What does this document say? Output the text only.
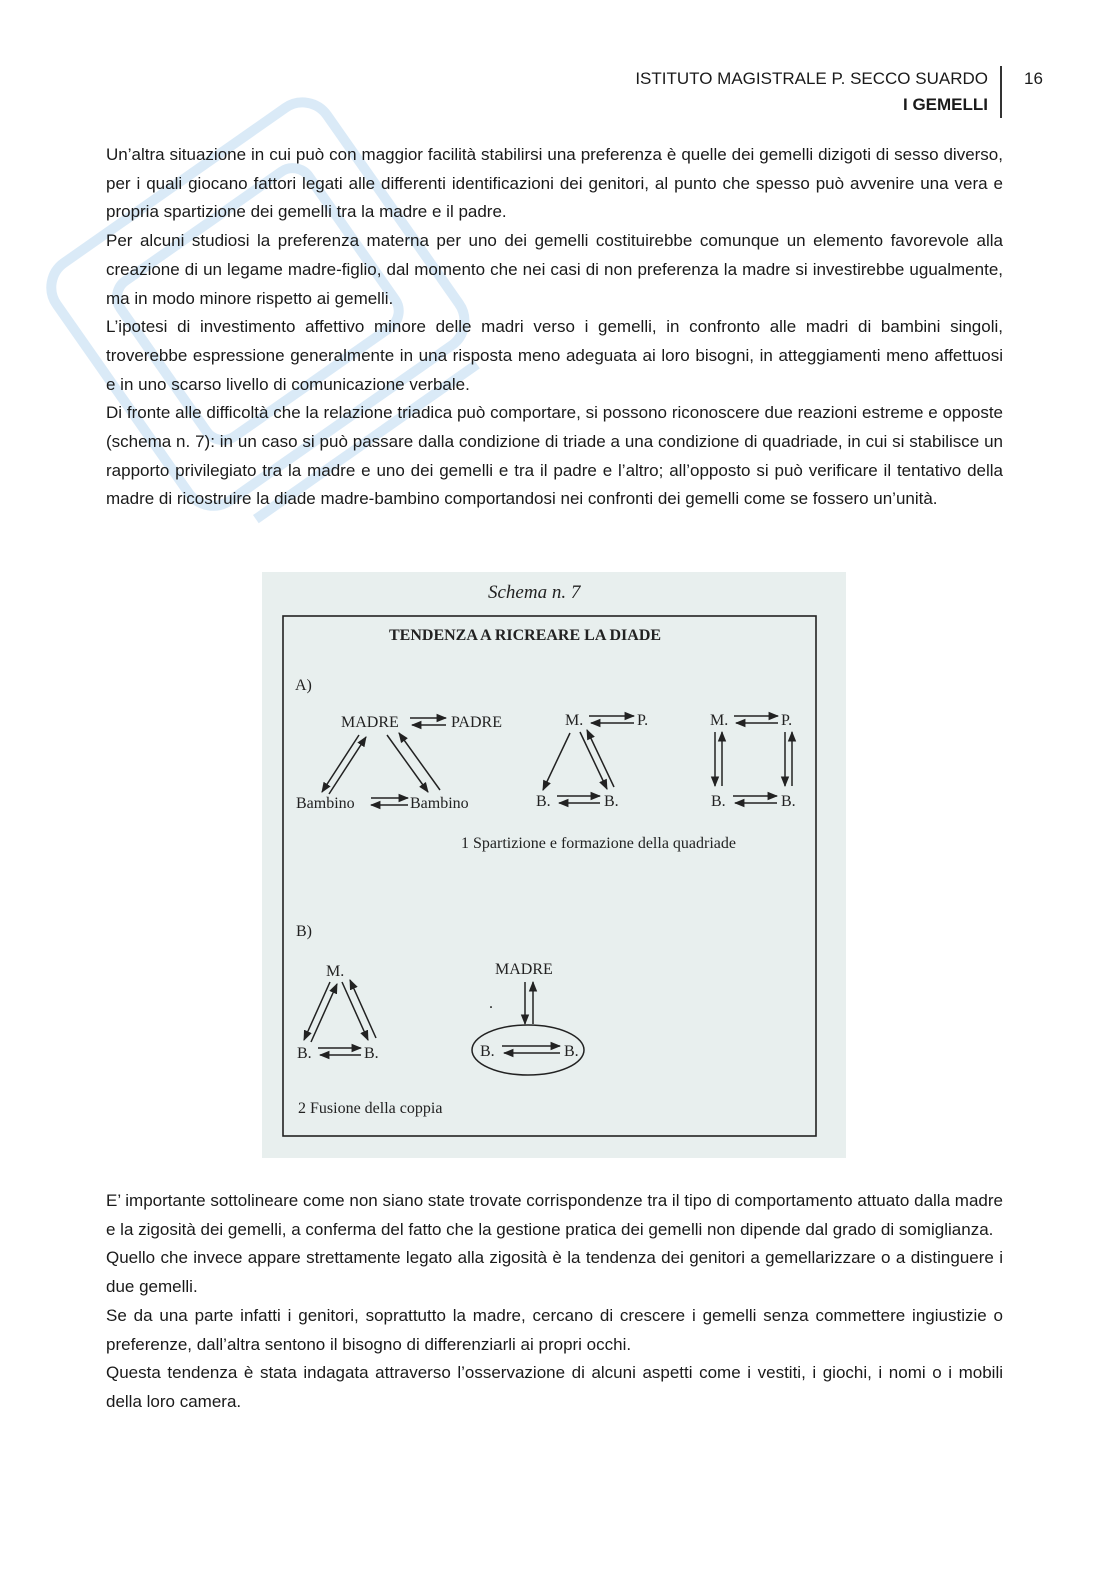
ISTITUTO MAGISTRALE P. SECCO SUARDO
I GEMELLI
16

Un’altra situazione in cui può con maggior facilità stabilirsi una preferenza è quelle dei gemelli dizigoti di sesso diverso, per i quali giocano fattori legati alle differenti identificazioni dei genitori, al punto che spesso può avvenire una vera e propria spartizione dei gemelli tra la madre e il padre.

Per alcuni studiosi la preferenza materna per uno dei gemelli costituirebbe comunque un elemento favorevole alla creazione di un legame madre-figlio, dal momento che nei casi di non preferenza la madre si investirebbe ugualmente, ma in modo minore rispetto ai gemelli.

L’ipotesi di investimento affettivo minore delle madri verso i gemelli, in confronto alle madri di bambini singoli, troverebbe espressione generalmente in una risposta meno adeguata ai loro bisogni, in atteggiamenti meno affettuosi e in uno scarso livello di comunicazione verbale.

Di fronte alle difficoltà che la relazione triadica può comportare, si possono riconoscere due reazioni estreme e opposte (schema n. 7): in un caso si può passare dalla condizione di triade a una condizione di quadriade, in cui si stabilisce un rapporto privilegiato tra la madre e uno dei gemelli e tra il padre e l’altro; all’opposto si può verificare il tentativo della madre di ricostruire la diade madre-bambino comportandosi nei confronti dei gemelli come se fossero un’unità.

Schema n. 7
TENDENZA A RICREARE LA DIADE
A)
MADRE	PADRE
Bambino	Bambino
M.	P.
B.	B.
M.	P.
B.	B.
1 Spartizione e formazione della quadriade
B)
M.
B.	B.
MADRE
.
B.	B.
2 Fusione della coppia

E’ importante sottolineare come non siano state trovate corrispondenze tra il tipo di comportamento attuato dalla madre e la zigosità dei gemelli, a conferma del fatto che la gestione pratica dei gemelli non dipende dal grado di somiglianza.

Quello che invece appare strettamente legato alla zigosità è la tendenza dei genitori a gemellarizzare o a distinguere i due gemelli.

Se da una parte infatti i genitori, soprattutto la madre, cercano di crescere i gemelli senza commettere ingiustizie o preferenze, dall’altra sentono il bisogno di differenziarli ai propri occhi.

Questa tendenza è stata indagata attraverso l’osservazione di alcuni aspetti come i vestiti, i giochi, i nomi o i mobili della loro camera.
